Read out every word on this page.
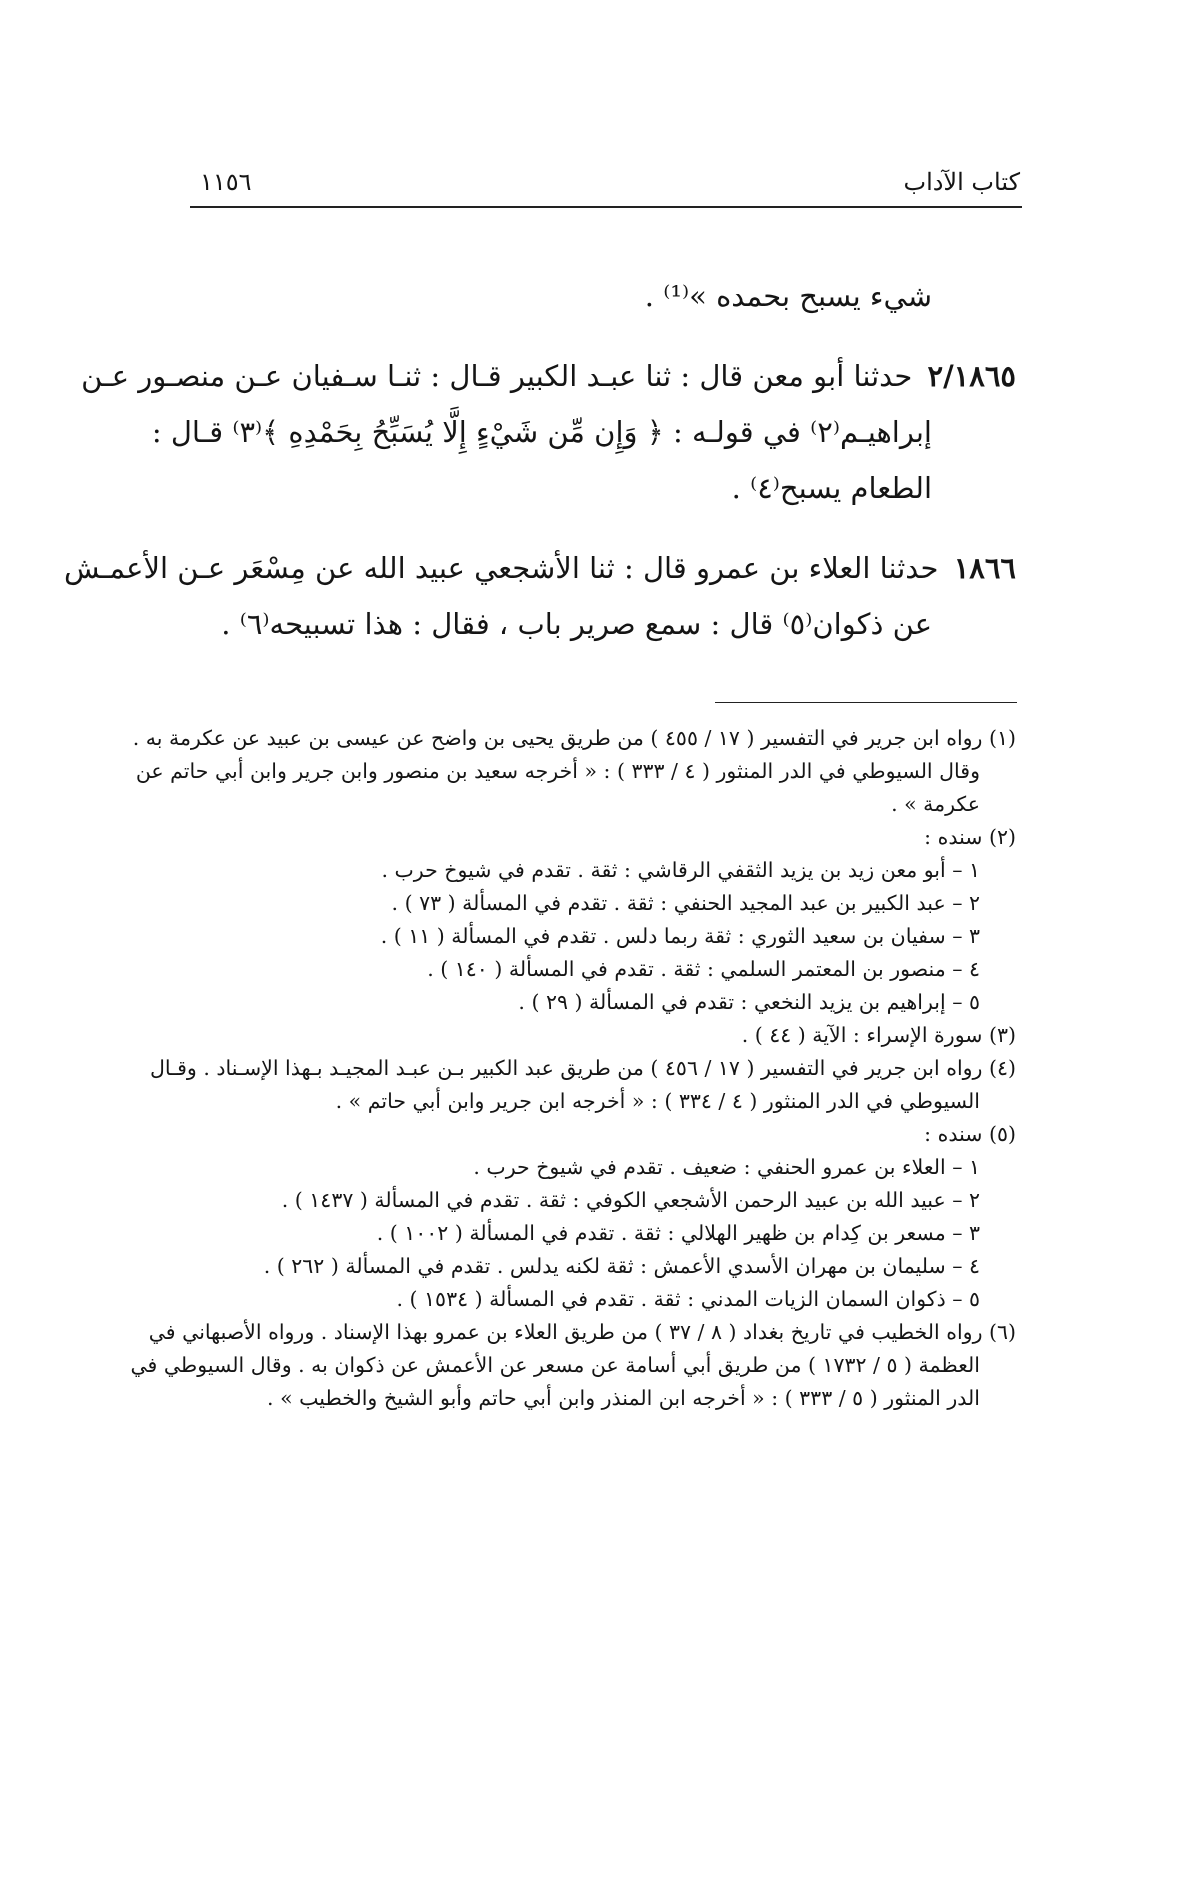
كتاب الآداب
١١٥٦
شيء يسبح بحمده »⁽¹⁾ .
٢/١٨٦٥ حدثنا أبو معن قال : ثنا عبـد الكبير قـال : ثنـا سـفيان عـن منصـور عـن
إبراهيـم⁽٢⁾ في قولـه : ﴿ وَإِن مِّن شَيْءٍ إِلَّا يُسَبِّحُ بِحَمْدِهِ ﴾⁽٣⁾ قـال :
الطعام يسبح⁽٤⁾ .
١٨٦٦ حدثنا العلاء بن عمرو قال : ثنا الأشجعي عبيد الله عن مِسْعَر عـن الأعمـش
عن ذكوان⁽٥⁾ قال : سمع صرير باب ، فقال : هذا تسبيحه⁽٦⁾ .
(١) رواه ابن جرير في التفسير ( ١٧ / ٤٥٥ ) من طريق يحيى بن واضح عن عيسى بن عبيد عن عكرمة به .
وقال السيوطي في الدر المنثور ( ٤ / ٣٣٣ ) : « أخرجه سعيد بن منصور وابن جرير وابن أبي حاتم عن
عكرمة » .
(٢) سنده :
١ – أبو معن زيد بن يزيد الثقفي الرقاشي : ثقة . تقدم في شيوخ حرب .
٢ – عبد الكبير بن عبد المجيد الحنفي : ثقة . تقدم في المسألة ( ٧٣ ) .
٣ – سفيان بن سعيد الثوري : ثقة ربما دلس . تقدم في المسألة ( ١١ ) .
٤ – منصور بن المعتمر السلمي : ثقة . تقدم في المسألة ( ١٤٠ ) .
٥ – إبراهيم بن يزيد النخعي : تقدم في المسألة ( ٢٩ ) .
(٣) سورة الإسراء : الآية ( ٤٤ ) .
(٤) رواه ابن جرير في التفسير ( ١٧ / ٤٥٦ ) من طريق عبد الكبير بـن عبـد المجيـد بـهذا الإسـناد . وقـال
السيوطي في الدر المنثور ( ٤ / ٣٣٤ ) : « أخرجه ابن جرير وابن أبي حاتم » .
(٥) سنده :
١ – العلاء بن عمرو الحنفي : ضعيف . تقدم في شيوخ حرب .
٢ – عبيد الله بن عبيد الرحمن الأشجعي الكوفي : ثقة . تقدم في المسألة ( ١٤٣٧ ) .
٣ – مسعر بن كِدام بن ظهير الهلالي : ثقة . تقدم في المسألة ( ١٠٠٢ ) .
٤ – سليمان بن مهران الأسدي الأعمش : ثقة لكنه يدلس . تقدم في المسألة ( ٢٦٢ ) .
٥ – ذكوان السمان الزيات المدني : ثقة . تقدم في المسألة ( ١٥٣٤ ) .
(٦) رواه الخطيب في تاريخ بغداد ( ٨ / ٣٧ ) من طريق العلاء بن عمرو بهذا الإسناد . ورواه الأصبهاني في
العظمة ( ٥ / ١٧٣٢ ) من طريق أبي أسامة عن مسعر عن الأعمش عن ذكوان به . وقال السيوطي في
الدر المنثور ( ٥ / ٣٣٣ ) : « أخرجه ابن المنذر وابن أبي حاتم وأبو الشيخ والخطيب » .
